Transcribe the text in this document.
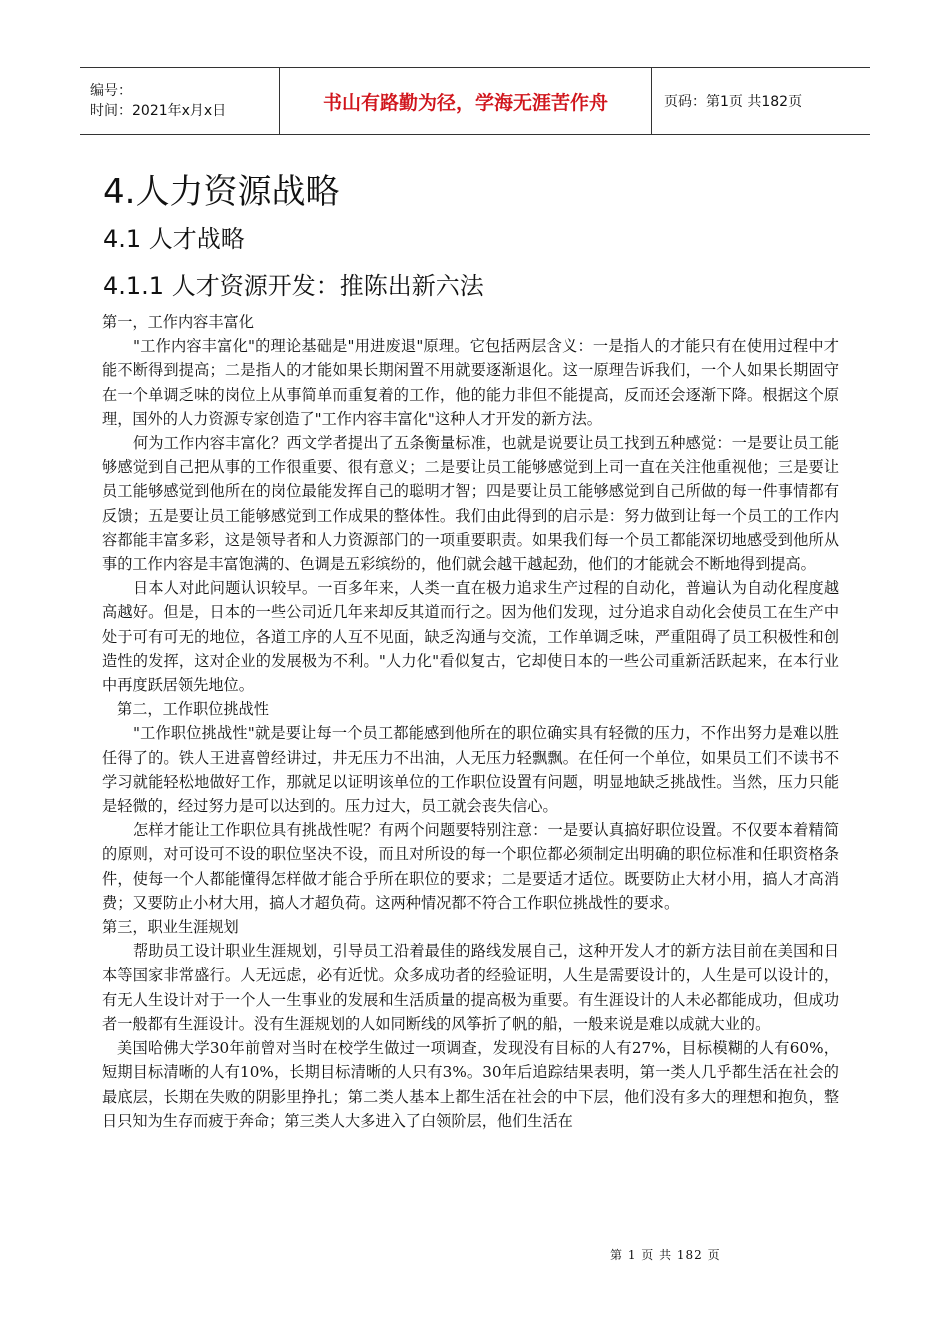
编号：
时间：2021年x月x日	书山有路勤为径，学海无涯苦作舟	页码：第1页 共182页
4.人力资源战略
4.1 人才战略
4.1.1 人才资源开发：推陈出新六法

第一，工作内容丰富化

"工作内容丰富化"的理论基础是"用进废退"原理。它包括两层含义：一是指人的才能只有在使用过程中才能不断得到提高；二是指人的才能如果长期闲置不用就要逐渐退化。这一原理告诉我们，一个人如果长期固守在一个单调乏味的岗位上从事简单而重复着的工作，他的能力非但不能提高，反而还会逐渐下降。根据这个原理，国外的人力资源专家创造了"工作内容丰富化"这种人才开发的新方法。

何为工作内容丰富化？西文学者提出了五条衡量标准，也就是说要让员工找到五种感觉：一是要让员工能够感觉到自己把从事的工作很重要、很有意义；二是要让员工能够感觉到上司一直在关注他重视他；三是要让员工能够感觉到他所在的岗位最能发挥自己的聪明才智；四是要让员工能够感觉到自己所做的每一件事情都有反馈；五是要让员工能够感觉到工作成果的整体性。我们由此得到的启示是：努力做到让每一个员工的工作内容都能丰富多彩，这是领导者和人力资源部门的一项重要职责。如果我们每一个员工都能深切地感受到他所从事的工作内容是丰富饱满的、色调是五彩缤纷的，他们就会越干越起劲，他们的才能就会不断地得到提高。

日本人对此问题认识较早。一百多年来，人类一直在极力追求生产过程的自动化，普遍认为自动化程度越高越好。但是，日本的一些公司近几年来却反其道而行之。因为他们发现，过分追求自动化会使员工在生产中处于可有可无的地位，各道工序的人互不见面，缺乏沟通与交流，工作单调乏味，严重阻碍了员工积极性和创造性的发挥，这对企业的发展极为不利。"人力化"看似复古，它却使日本的一些公司重新活跃起来，在本行业中再度跃居领先地位。

第二，工作职位挑战性

"工作职位挑战性"就是要让每一个员工都能感到他所在的职位确实具有轻微的压力，不作出努力是难以胜任得了的。铁人王进喜曾经讲过，井无压力不出油，人无压力轻飘飘。在任何一个单位，如果员工们不读书不学习就能轻松地做好工作，那就足以证明该单位的工作职位设置有问题，明显地缺乏挑战性。当然，压力只能是轻微的，经过努力是可以达到的。压力过大，员工就会丧失信心。

怎样才能让工作职位具有挑战性呢？有两个问题要特别注意：一是要认真搞好职位设置。不仅要本着精简的原则，对可设可不设的职位坚决不设，而且对所设的每一个职位都必须制定出明确的职位标准和任职资格条件，使每一个人都能懂得怎样做才能合乎所在职位的要求；二是要适才适位。既要防止大材小用，搞人才高消费；又要防止小材大用，搞人才超负荷。这两种情况都不符合工作职位挑战性的要求。

第三，职业生涯规划

帮助员工设计职业生涯规划，引导员工沿着最佳的路线发展自己，这种开发人才的新方法目前在美国和日本等国家非常盛行。人无远虑，必有近忧。众多成功者的经验证明，人生是需要设计的，人生是可以设计的，有无人生设计对于一个人一生事业的发展和生活质量的提高极为重要。有生涯设计的人未必都能成功，但成功者一般都有生涯设计。没有生涯规划的人如同断线的风筝折了帆的船，一般来说是难以成就大业的。

美国哈佛大学30年前曾对当时在校学生做过一项调查，发现没有目标的人有27%，目标模糊的人有60%，短期目标清晰的人有10%，长期目标清晰的人只有3%。30年后追踪结果表明，第一类人几乎都生活在社会的最底层，长期在失败的阴影里挣扎；第二类人基本上都生活在社会的中下层，他们没有多大的理想和抱负，整日只知为生存而疲于奔命；第三类人大多进入了白领阶层，他们生活在

第 1 页 共 182 页
